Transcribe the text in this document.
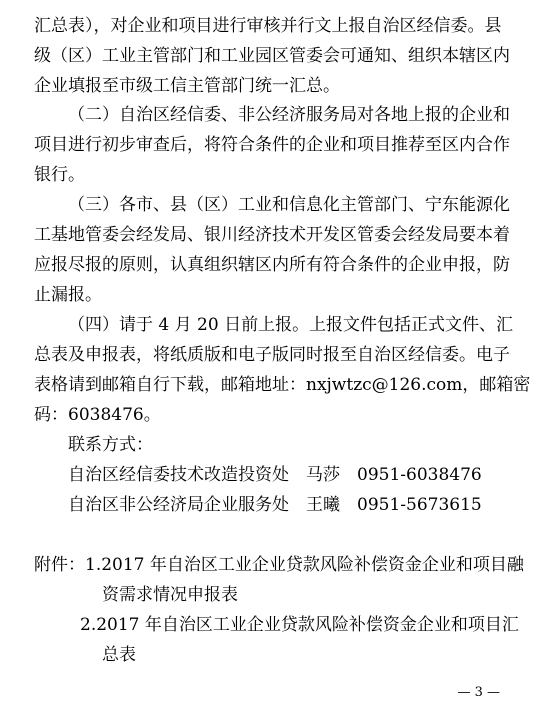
汇总表），对企业和项目进行审核并行文上报自治区经信委。县
级（区）工业主管部门和工业园区管委会可通知、组织本辖区内
企业填报至市级工信主管部门统一汇总。
（二）自治区经信委、非公经济服务局对各地上报的企业和
项目进行初步审查后，将符合条件的企业和项目推荐至区内合作
银行。
（三）各市、县（区）工业和信息化主管部门、宁东能源化
工基地管委会经发局、银川经济技术开发区管委会经发局要本着
应报尽报的原则，认真组织辖区内所有符合条件的企业申报，防
止漏报。
（四）请于 4 月 20 日前上报。上报文件包括正式文件、汇
总表及申报表，将纸质版和电子版同时报至自治区经信委。电子
表格请到邮箱自行下载，邮箱地址：nxjwtzc@126.com，邮箱密
码：6038476。
联系方式：
自治区经信委技术改造投资处　马莎　0951-6038476
自治区非公经济局企业服务处　王曦　0951-5673615
附件：1.2017 年自治区工业企业贷款风险补偿资金企业和项目融
资需求情况申报表
2.2017 年自治区工业企业贷款风险补偿资金企业和项目汇
总表
— 3 —
